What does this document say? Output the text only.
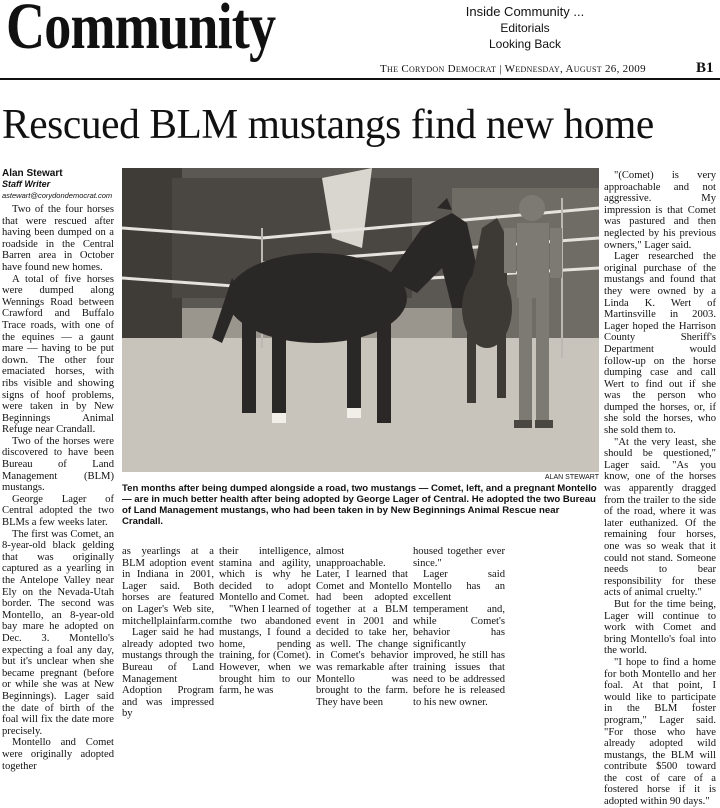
Community	Inside Community ...
Editorials
Looking Back
The Corydon Democrat | Wednesday, August 26, 2009	B1
Rescued BLM mustangs find new home
Alan Stewart
Staff Writer
astewart@corydondemocrat.com

Two of the four horses that were rescued after having been dumped on a roadside in the Central Barren area in October have found new homes.

A total of five horses were dumped along Wennings Road between Crawford and Buffalo Trace roads, with one of the equines — a gaunt mare — having to be put down. The other four emaciated horses, with ribs visible and showing signs of hoof problems, were taken in by New Beginnings Animal Refuge near Crandall.

Two of the horses were discovered to have been Bureau of Land Management (BLM) mustangs.

George Lager of Central adopted the two BLMs a few weeks later.

The first was Comet, an 8-year-old black gelding that was originally captured as a yearling in the Antelope Valley near Ely on the Nevada-Utah border. The second was Montello, an 8-year-old bay mare he adopted on Dec. 3. Montello's expecting a foal any day, but it's unclear when she became pregnant (before or while she was at New Beginnings). Lager said the date of birth of the foal will fix the date more precisely.

Montello and Comet were originally adopted together

ALAN STEWART
Ten months after being dumped alongside a road, two mustangs — Comet, left, and a pregnant Montello — are in much better health after being adopted by George Lager of Central. He adopted the two Bureau of Land Management mustangs, who had been taken in by New Beginnings Animal Rescue near Crandall.

as yearlings at a BLM adoption event in Indiana in 2001, Lager said. Both horses are featured on Lager's Web site, mitchellplainfarm.com.

Lager said he had already adopted two mustangs through the Bureau of Land Management Adoption Program and was impressed by

their intelligence, stamina and agility, which is why he decided to adopt Montello and Comet.

"When I learned of the two abandoned mustangs, I found a home, pending training, for (Comet). However, when we brought him to our farm, he was

almost unapproachable. Later, I learned that Comet and Montello had been adopted together at a BLM event in 2001 and decided to take her, as well. The change in Comet's behavior was remarkable after Montello was brought to the farm. They have been

housed together ever since."

Lager said Montello has an excellent temperament and, while Comet's behavior has significantly improved, he still has training issues that need to be addressed before he is released to his new owner.

"(Comet) is very approachable and not aggressive. My impression is that Comet was pastured and then neglected by his previous owners," Lager said.

Lager researched the original purchase of the mustangs and found that they were owned by a Linda K. Wert of Martinsville in 2003. Lager hoped the Harrison County Sheriff's Department would follow-up on the horse dumping case and call Wert to find out if she was the person who dumped the horses, or, if she sold the horses, who she sold them to.

"At the very least, she should be questioned," Lager said. "As you know, one of the horses was apparently dragged from the trailer to the side of the road, where it was later euthanized. Of the remaining four horses, one was so weak that it could not stand. Someone needs to bear responsibility for these acts of animal cruelty."

But for the time being, Lager will continue to work with Comet and bring Montello's foal into the world.

"I hope to find a home for both Montello and her foal. At that point, I would like to participate in the BLM foster program," Lager said. "For those who have already adopted wild mustangs, the BLM will contribute $500 toward the cost of care of a fostered horse if it is adopted within 90 days."
